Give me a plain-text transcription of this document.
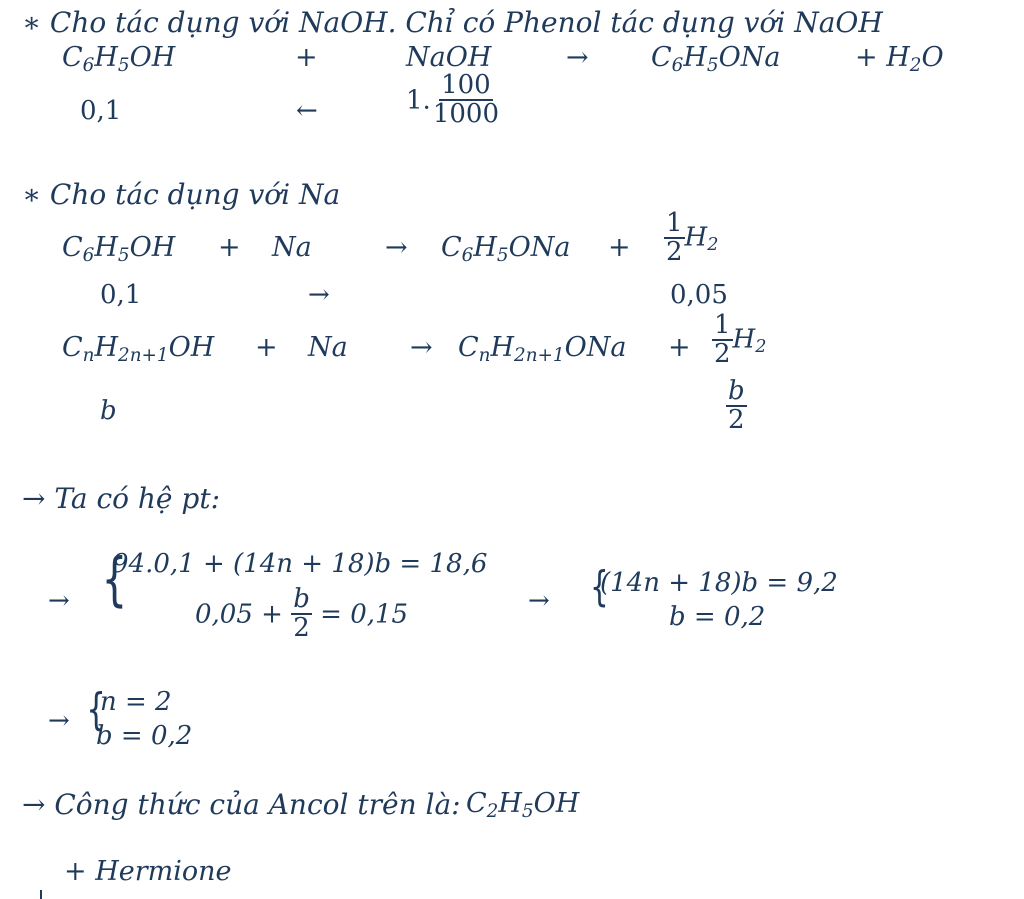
∗ Cho tác dụng với NaOH. Chỉ có Phenol tác dụng với NaOH
$C_6H_5OH$	+	NaOH	→ $C_6H_5ONa$	+ $H_2O$
0,1	←	1. $\frac{100}{1000}$
∗ Cho tác dụng với Na
$C_6H_5OH + Na$	→ $C_6H_5ONa + \frac{1}{2} H_2$
0,1	→	0,05
$C_nH_{2n+1}OH + Na \to C_nH_{2n+1}ONa + \frac{1}{2} H_2$
b	$\frac{b}{2}$
→ Ta có hệ pt:
→ {
94.0,1 + (14n + 18)b = 18,6
$0,05 + \frac{b}{2} = 0,15$	→ {
(14n + 18)b = 9,2
b = 0,2
→ {
n = 2
b = 0,2
→ Công thức của Ancol trên là: $C_2H_5OH$
+ Hermione
